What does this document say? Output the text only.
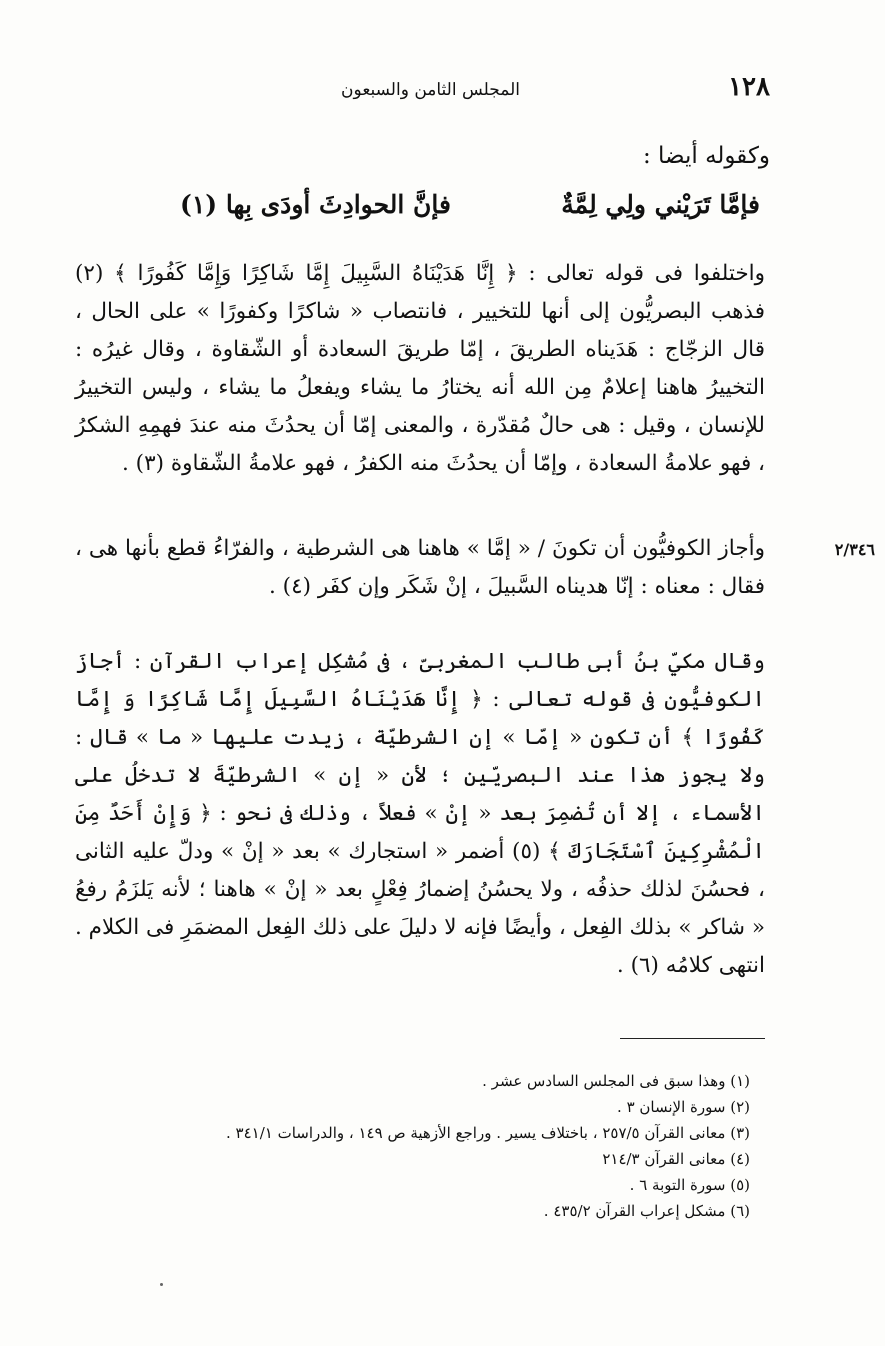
١٢٨
المجلس الثامن والسبعون
وكقوله أيضا :
فإمَّا تَرَيْني ولِي لِمَّةٌ
فإنَّ الحوادِثَ أودَى بِها (١)

واختلفوا فى قوله تعالى : ﴿ إِنَّا هَدَيْنَاهُ السَّبِيلَ إِمَّا شَاكِرًا وَإِمَّا كَفُورًا ﴾ (٢) فذهب البصريُّون إلى أنها للتخيير ، فانتصاب « شاكرًا وكفورًا » على الحال ، قال الزجّاج : هَدَيناه الطريقَ ، إمّا طريقَ السعادة أو الشّقاوة ، وقال غيرُه : التخييرُ هاهنا إعلامٌ مِن الله أنه يختارُ ما يشاء ويفعلُ ما يشاء ، وليس التخييرُ للإنسان ، وقيل : هى حالٌ مُقدّرة ، والمعنى إمّا أن يحدُثَ منه عندَ فهمِهِ الشكرُ ، فهو علامةُ السعادة ، وإمّا أن يحدُثَ منه الكفرُ ، فهو علامةُ الشّقاوة (٣) .

٢/٣٤٦

وأجاز الكوفيُّون أن تكونَ / « إمَّا » هاهنا هى الشرطية ، والفرّاءُ قطع بأنها هى ، فقال : معناه : إنّا هديناه السَّبيلَ ، إنْ شَكَر وإن كفَر (٤) .

وقال مكيّ بنُ أبى طالب المغربىّ ، فى مُشكِل إعراب القرآن : أجازَ الكوفيُّون فى قوله تعالى : ﴿ إِنَّا هَدَيْنَاهُ السَّبِيلَ إِمَّا شَاكِرًا وَ إِمَّا كَفُورًا ﴾ أن تكون « إمّا » إن الشرطيّة ، زيدت عليها « ما » قال : ولا يجوز هذا عند البصريّين ؛ لأن « إن » الشرطيّةَ لا تدخلُ على الأسماء ، إلا أن تُضمِرَ بعد « إنْ » فعلاً ، وذلك فى نحو : ﴿ وَإِنْ أَحَدٌ مِنَ الْمُشْرِكِينَ ٱسْتَجَارَكَ ﴾ (٥) أضمر « استجارك » بعد « إنْ » ودلّ عليه الثانى ، فحسُنَ لذلك حذفُه ، ولا يحسُنُ إضمارُ فِعْلٍ بعد « إنْ » هاهنا ؛ لأنه يَلزَمُ رفعُ « شاكر » بذلك الفِعل ، وأيضًا فإنه لا دليلَ على ذلك الفِعل المضمَرِ فى الكلام . انتهى كلامُه (٦) .

(١) وهذا سبق فى المجلس السادس عشر .
(٢) سورة الإنسان ٣ .
(٣) معانى القرآن ٢٥٧/٥ ، باختلاف يسير . وراجع الأزهية ص ١٤٩ ، والدراسات ٣٤١/١ .
(٤) معانى القرآن ٢١٤/٣
(٥) سورة التوبة ٦ .
(٦) مشكل إعراب القرآن ٤٣٥/٢ .
